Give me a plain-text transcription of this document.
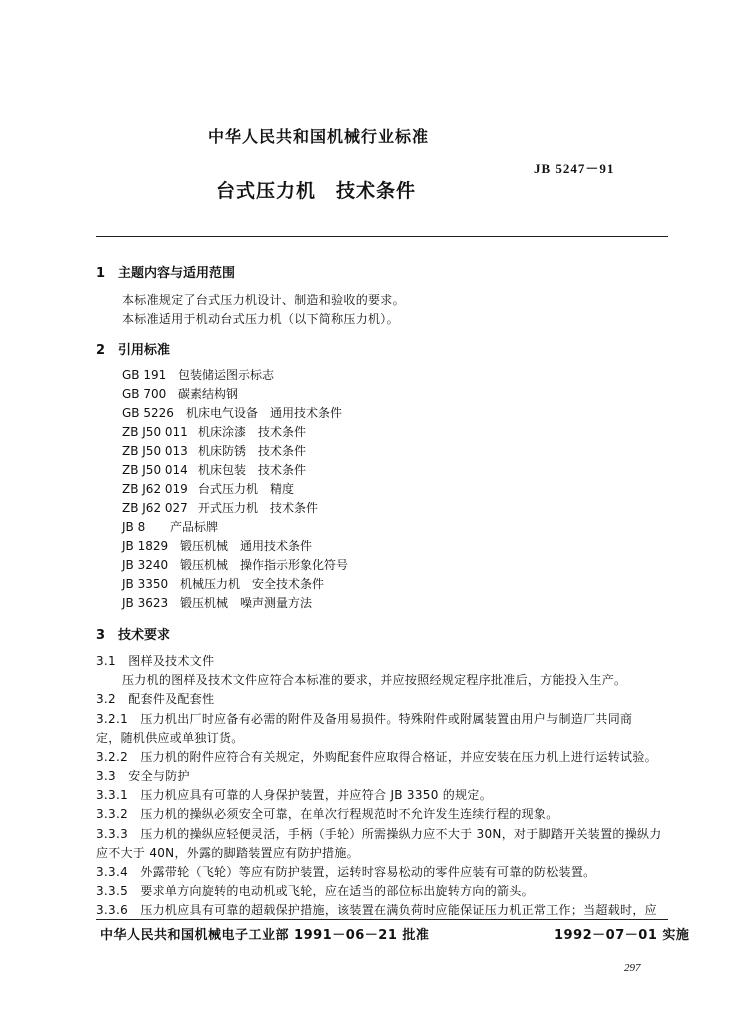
中华人民共和国机械行业标准
JB 5247－91
台式压力机　技术条件
1　主题内容与适用范围
本标准规定了台式压力机设计、制造和验收的要求。
本标准适用于机动台式压力机（以下简称压力机）。
2　引用标准
GB 191 包装储运图示标志
GB 700 碳素结构钢
GB 5226 机床电气设备　通用技术条件
ZB J50 011 机床涂漆　技术条件
ZB J50 013 机床防锈　技术条件
ZB J50 014 机床包装　技术条件
ZB J62 019 台式压力机　精度
ZB J62 027 开式压力机　技术条件
JB 8 产品标牌
JB 1829 锻压机械　通用技术条件
JB 3240 锻压机械　操作指示形象化符号
JB 3350 机械压力机　安全技术条件
JB 3623 锻压机械　噪声测量方法
3　技术要求
3.1　图样及技术文件
压力机的图样及技术文件应符合本标准的要求，并应按照经规定程序批准后，方能投入生产。
3.2　配套件及配套性
3.2.1　压力机出厂时应备有必需的附件及备用易损件。特殊附件或附属装置由用户与制造厂共同商
定，随机供应或单独订货。
3.2.2　压力机的附件应符合有关规定，外购配套件应取得合格证，并应安装在压力机上进行运转试验。
3.3　安全与防护
3.3.1　压力机应具有可靠的人身保护装置，并应符合 JB 3350 的规定。
3.3.2　压力机的操纵必须安全可靠，在单次行程规范时不允许发生连续行程的现象。
3.3.3　压力机的操纵应轻便灵活，手柄（手轮）所需操纵力应不大于 30N，对于脚踏开关装置的操纵力
应不大于 40N，外露的脚踏装置应有防护措施。
3.3.4　外露带轮（飞轮）等应有防护装置，运转时容易松动的零件应装有可靠的防松装置。
3.3.5　要求单方向旋转的电动机或飞轮，应在适当的部位标出旋转方向的箭头。
3.3.6　压力机应具有可靠的超载保护措施，该装置在满负荷时应能保证压力机正常工作；当超载时，应
中华人民共和国机械电子工业部 1991－06－21 批准	1992－07－01 实施
297
